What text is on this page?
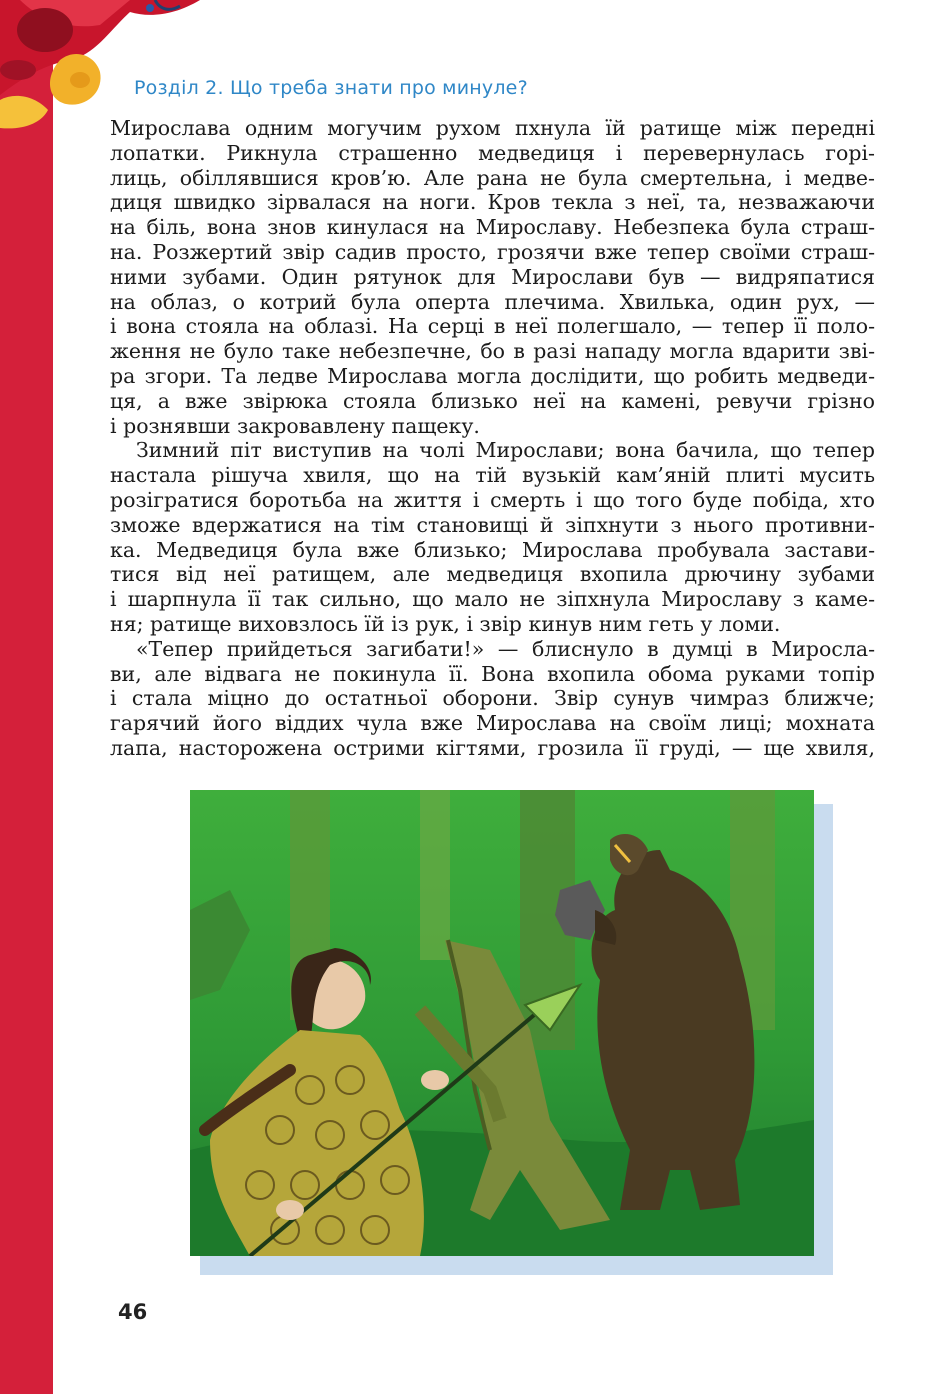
Розділ 2. Що треба знати про минуле?

Мирослава одним могучим рухом пхнула їй ратище між передні
лопатки. Рикнула страшенно медведиця і перевернулась горі-
лиць, обіллявшися кров’ю. Але рана не була смертельна, і медве-
диця швидко зірвалася на ноги. Кров текла з неї, та, незважаючи
на біль, вона знов кинулася на Мирославу. Небезпека була страш-
на. Розжертий звір садив просто, грозячи вже тепер своїми страш-
ними зубами. Один рятунок для Мирослави був — видряпатися
на облаз, о котрий була оперта плечима. Хвилька, один рух, —
і вона стояла на облазі. На серці в неї полегшало, — тепер її поло-
ження не було таке небезпечне, бо в разі нападу могла вдарити зві-
ра згори. Та ледве Мирослава могла дослідити, що робить медведи-
ця, а вже звірюка стояла близько неї на камені, ревучи грізно
і рознявши закровавлену пащеку.

Зимний піт виступив на чолі Мирослави; вона бачила, що тепер
настала рішуча хвиля, що на тій вузькій кам’яній плиті мусить
розігратися боротьба на життя і смерть і що того буде побіда, хто
зможе вдержатися на тім становищі й зіпхнути з нього противни-
ка. Медведиця була вже близько; Мирослава пробувала застави-
тися від неї ратищем, але медведиця вхопила дрючину зубами
і шарпнула її так сильно, що мало не зіпхнула Мирославу з каме-
ня; ратище виховзлось їй із рук, і звір кинув ним геть у ломи.

«Тепер прийдеться загибати!» — блиснуло в думці в Миросла-
ви, але відвага не покинула її. Вона вхопила обома руками топір
і стала міцно до остатньої оборони. Звір сунув чимраз ближче;
гарячий його віддих чула вже Мирослава на своїм лиці; мохната
лапа, насторожена острими кігтями, грозила її груді, — ще хвиля,

46
